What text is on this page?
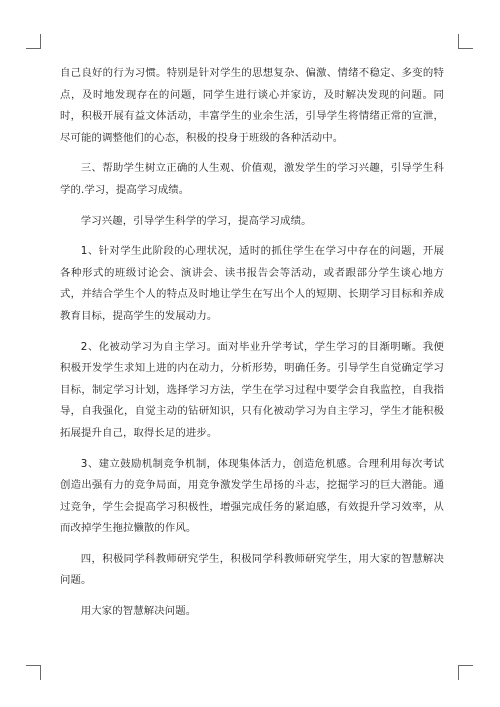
自己良好的行为习惯。特别是针对学生的思想复杂、偏激、情绪不稳定、多变的特点，及时地发现存在的问题，同学生进行谈心并家访，及时解决发现的问题。同时，积极开展有益文体活动，丰富学生的业余生活，引导学生将情绪正常的宣泄，尽可能的调整他们的心态，积极的投身于班级的各种活动中。

三、帮助学生树立正确的人生观、价值观，激发学生的学习兴趣，引导学生科学的.学习，提高学习成绩。

学习兴趣，引导学生科学的学习，提高学习成绩。

1、针对学生此阶段的心理状况，适时的抓住学生在学习中存在的问题，开展各种形式的班级讨论会、演讲会、读书报告会等活动，或者跟部分学生谈心地方式，并结合学生个人的特点及时地让学生在写出个人的短期、长期学习目标和养成教育目标，提高学生的发展动力。

2、化被动学习为自主学习。面对毕业升学考试，学生学习的目渐明晰。我便积极开发学生求知上进的内在动力，分析形势，明确任务。引导学生自觉确定学习目标，制定学习计划，选择学习方法，学生在学习过程中要学会自我监控，自我指导，自我强化，自觉主动的钻研知识，只有化被动学习为自主学习，学生才能积极拓展提升自己，取得长足的进步。

3、建立鼓励机制竞争机制，体现集体活力，创造危机感。合理利用每次考试创造出强有力的竞争局面，用竞争激发学生昂扬的斗志，挖掘学习的巨大潜能。通过竞争，学生会提高学习积极性，增强完成任务的紧迫感，有效提升学习效率，从而改掉学生拖拉懒散的作风。

四，积极同学科教师研究学生，积极同学科教师研究学生，用大家的智慧解决问题。

用大家的智慧解决问题。
